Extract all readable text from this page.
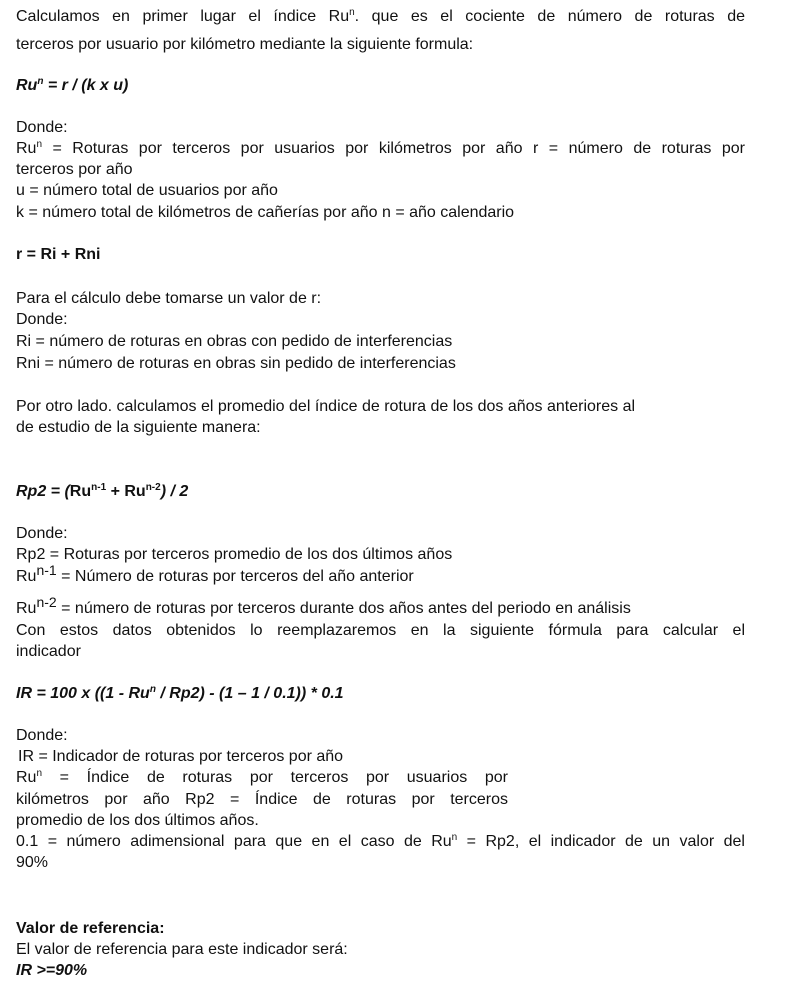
Calculamos en primer lugar el índice Ru$^n$. que es el cociente de número de roturas de
terceros por usuario por kilómetro mediante la siguiente formula:
$Ru^n = r / (k$ x u)
Donde:
$Ru^n$ = Roturas por terceros por usuarios por kilómetros por año r = número de roturas por
terceros por año
u = número total de usuarios por año
k = número total de kilómetros de cañerías por año n = año calendario
r = Ri + Rni
Para el cálculo debe tomarse un valor de r:
Donde:
Ri = número de roturas en obras con pedido de interferencias
Rni = número de roturas en obras sin pedido de interferencias
Por otro lado. calculamos el promedio del índice de rotura de los dos años anteriores al
de estudio de la siguiente manera:
$Rp2 = (Ru^{n-1} + Ru^{n-2}) / 2$
Donde:
Rp2 = Roturas por terceros promedio de los dos últimos años
Run-1 = Número de roturas por terceros del año anterior
Run-2 = número de roturas por terceros durante dos años antes del periodo en análisis
Con estos datos obtenidos lo reemplazaremos en la siguiente fórmula para calcular el
indicador
IR = 100 x ((1 - Ru$^n$ / Rp2) - (1 – 1 / 0.1)) * 0.1
Donde:
IR = Indicador de roturas por terceros por año
$Ru^n$ = Índice de roturas por terceros por usuarios por
kilómetros por año Rp2 = Índice de roturas por terceros
promedio de los dos últimos años.
0.1 = número adimensional para que en el caso de $Ru^n = Rp2$, el indicador de un valor del
90%
Valor de referencia:
El valor de referencia para este indicador será:
IR >=90%
